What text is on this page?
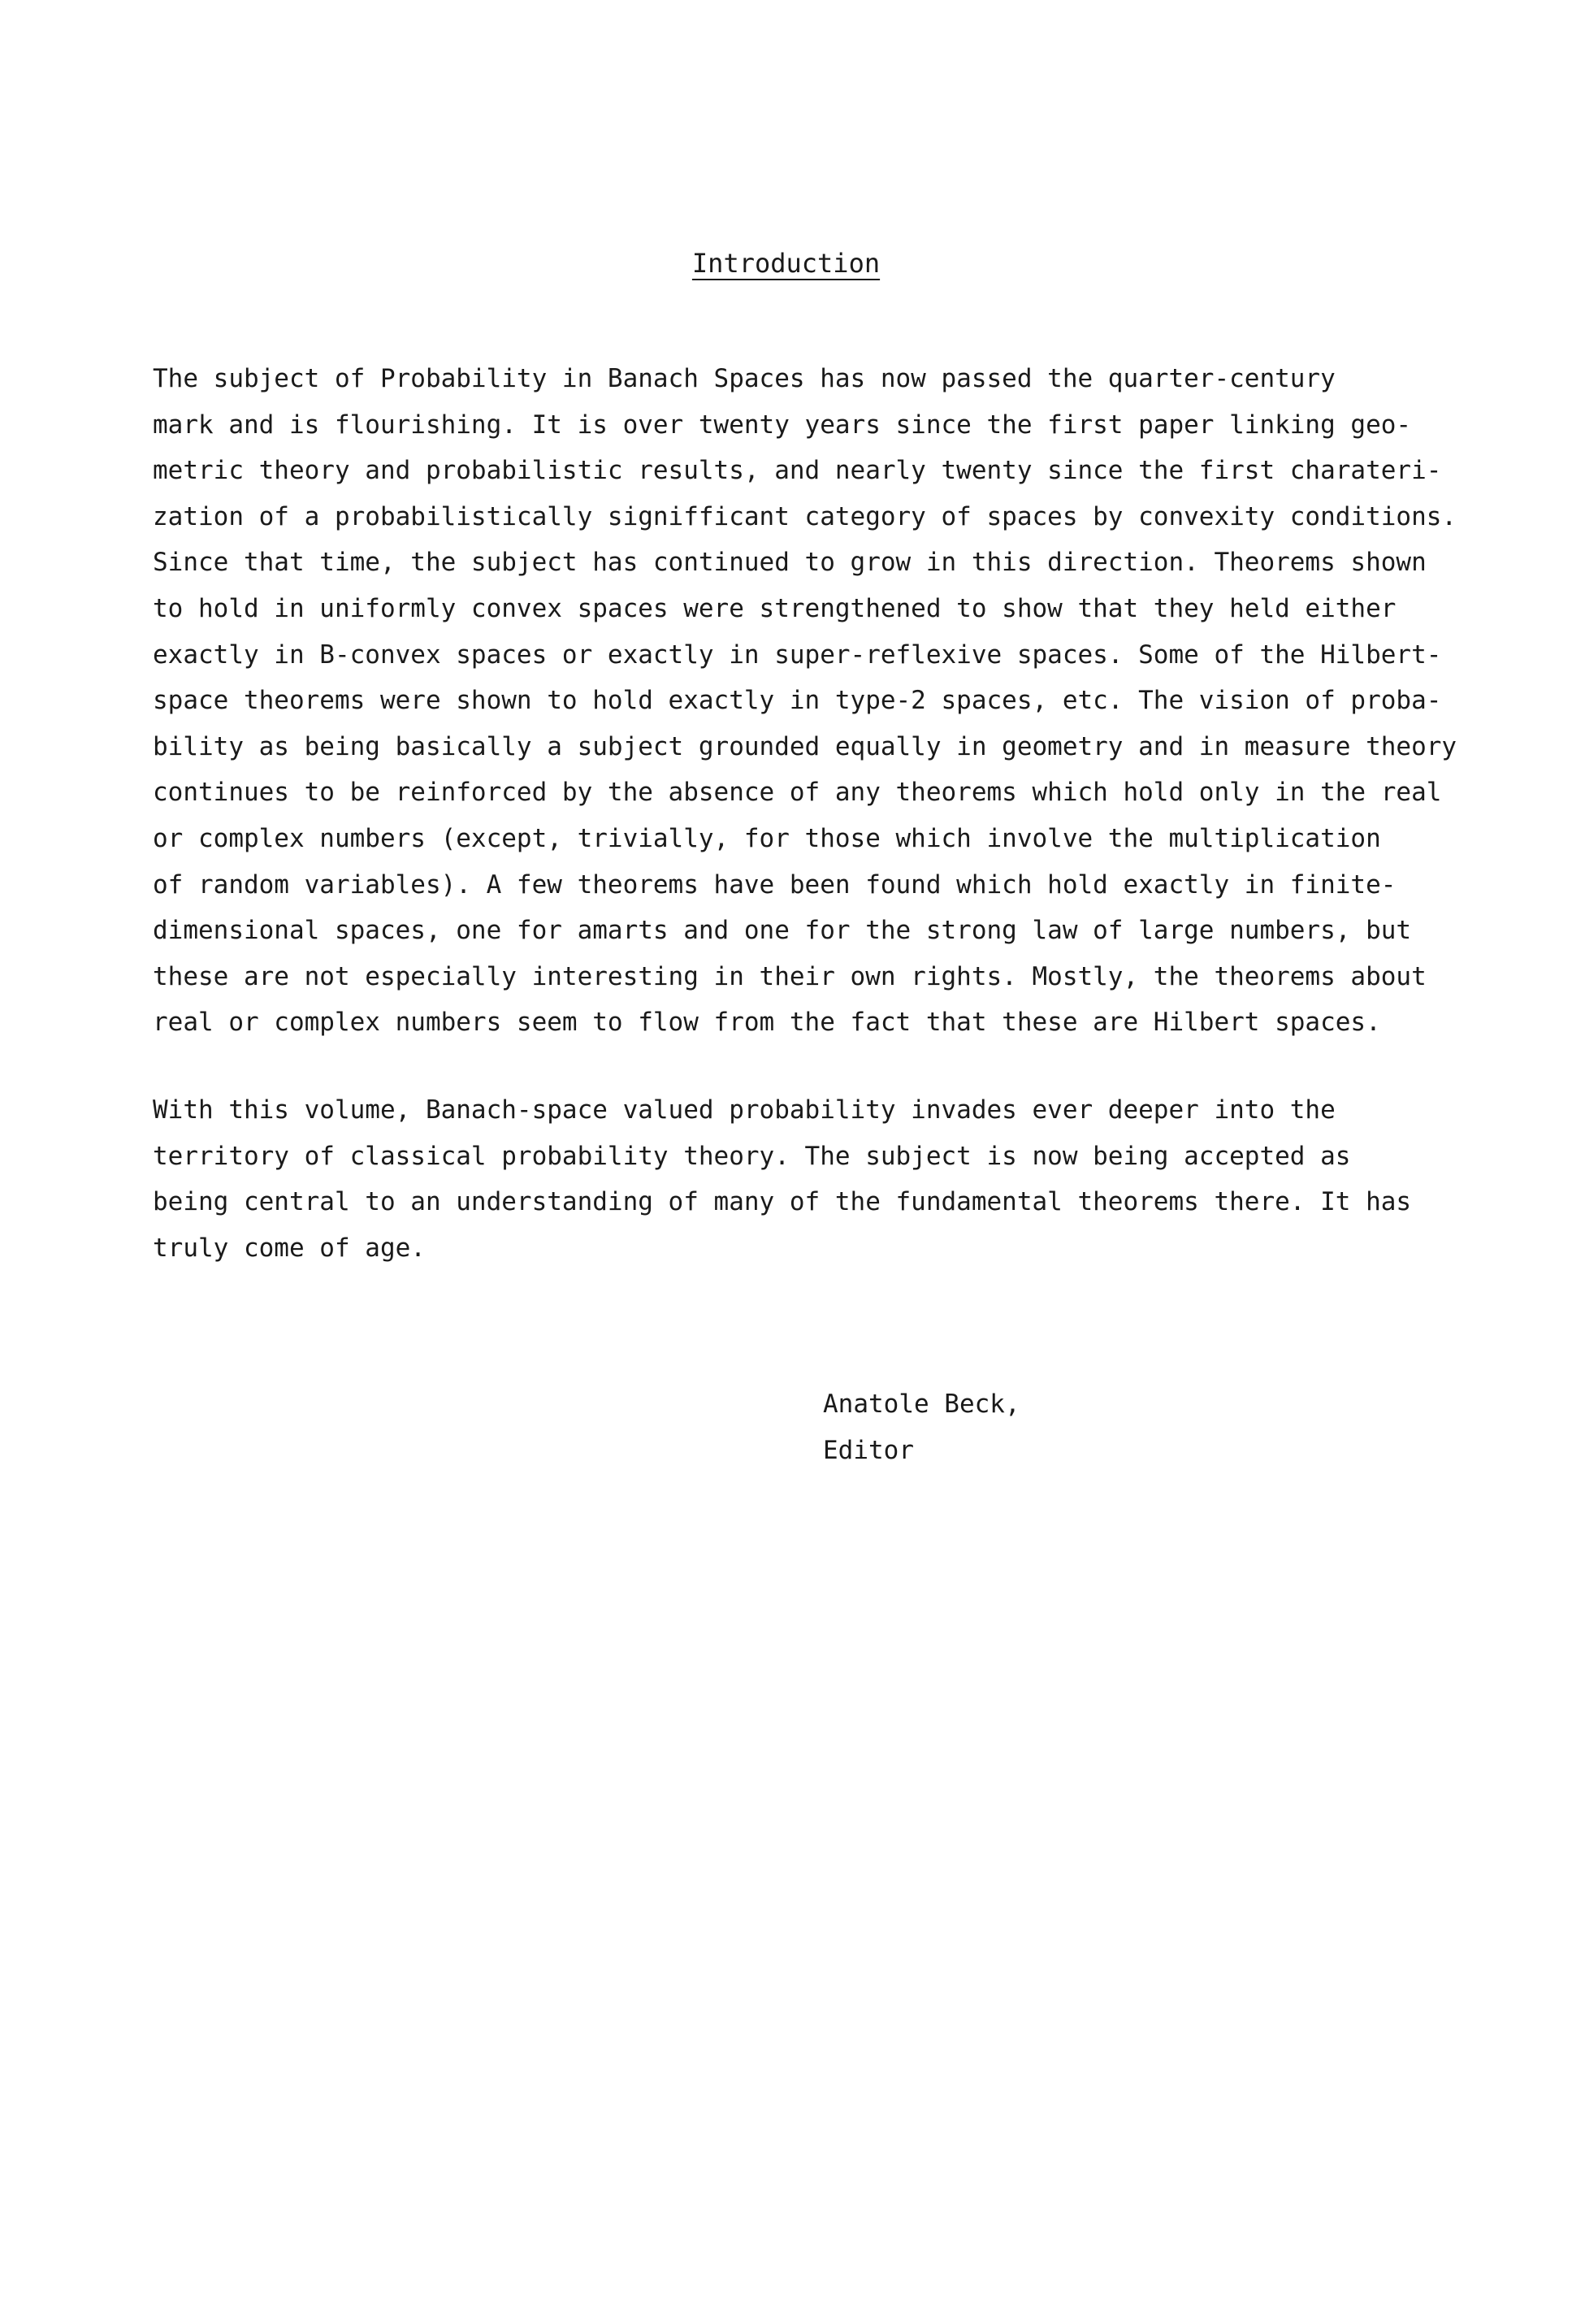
Introduction
The subject of Probability in Banach Spaces has now passed the quarter-century
mark and is flourishing. It is over twenty years since the first paper linking geo-
metric theory and probabilistic results, and nearly twenty since the first charateri-
zation of a probabilistically signifficant category of spaces by convexity conditions.
Since that time, the subject has continued to grow in this direction. Theorems shown
to hold in uniformly convex spaces were strengthened to show that they held either
exactly in B-convex spaces or exactly in super-reflexive spaces. Some of the Hilbert-
space theorems were shown to hold exactly in type-2 spaces, etc. The vision of proba-
bility as being basically a subject grounded equally in geometry and in measure theory
continues to be reinforced by the absence of any theorems which hold only in the real
or complex numbers (except, trivially, for those which involve the multiplication
of random variables). A few theorems have been found which hold exactly in finite-
dimensional spaces, one for amarts and one for the strong law of large numbers, but
these are not especially interesting in their own rights. Mostly, the theorems about
real or complex numbers seem to flow from the fact that these are Hilbert spaces.
With this volume, Banach-space valued probability invades ever deeper into the
territory of classical probability theory. The subject is now being accepted as
being central to an understanding of many of the fundamental theorems there. It has
truly come of age.
Anatole Beck,
Editor
